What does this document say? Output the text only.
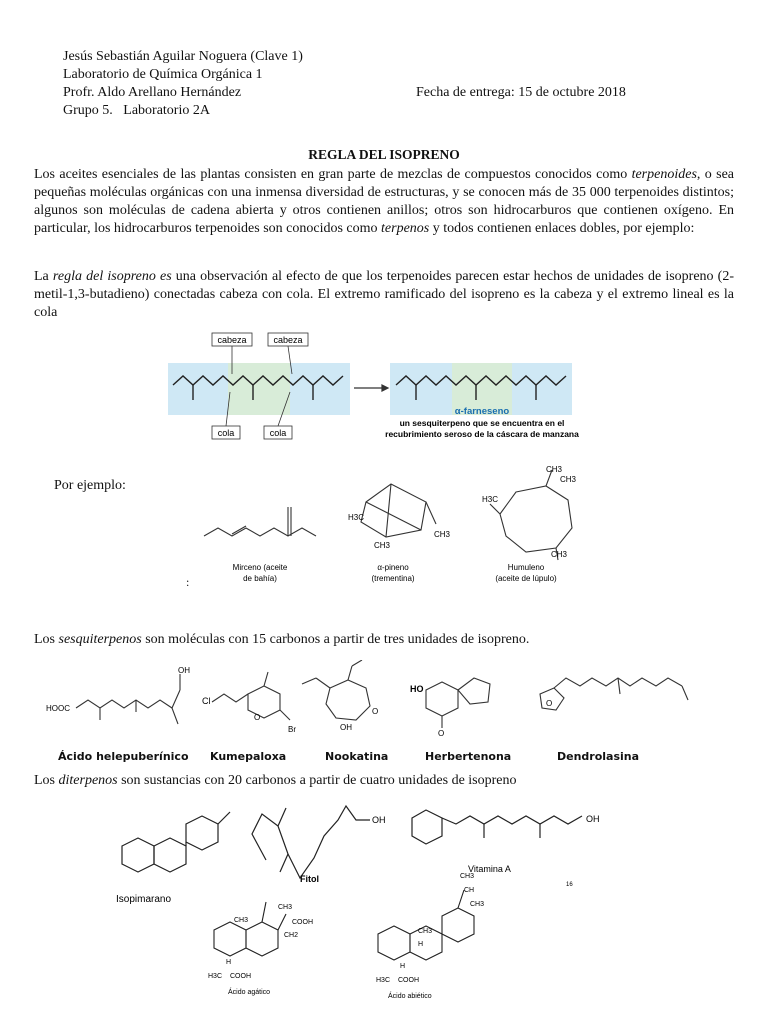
Jesús Sebastián Aguilar Noguera (Clave 1)
Laboratorio de Química Orgánica 1
Profr. Aldo Arellano Hernández	Fecha de entrega: 15 de octubre 2018
Grupo 5.   Laboratorio 2A
REGLA DEL ISOPRENO
Los aceites esenciales de las plantas consisten en gran parte de mezclas de compuestos conocidos como terpenoides, o sea pequeñas moléculas orgánicas con una inmensa diversidad de estructuras, y se conocen más de 35 000 terpenoides distintos; algunos son moléculas de cadena abierta y otros contienen anillos; otros son hidrocarburos que contienen oxígeno. En particular, los hidrocarburos terpenoides son conocidos como terpenos y todos contienen enlaces dobles, por ejemplo:
La regla del isopreno es una observación al efecto de que los terpenoides parecen estar hechos de unidades de isopreno (2-metil-1,3-butadieno) conectadas cabeza con cola. El extremo ramificado del isopreno es la cabeza y el extremo lineal es la cola
cabeza	cabeza
cola	cola
α-farneseno
un sesquiterpeno que se encuentra en el
recubrimiento seroso de la cáscara de manzana
Por ejemplo:
:
Mirceno (aceite
de bahía)
H3C
CH3
CH3
α-pineno
(trementina)
CH3
CH3
H3C
CH3
Humuleno
(aceite de lúpulo)
Los sesquiterpenos son moléculas con 15 carbonos a partir de tres unidades de isopreno.
HOOC
OH
Cl
O
Br
O
OH
HO
O
O
Ácido helepuberínico Kumepaloxa	Nookatina	Herbertenona	Dendrolasina
Los diterpenos son sustancias con 20 carbonos a partir de cuatro unidades de isopreno
Isopimarano
OH
Fitol
OH
Vitamina A
16
CH3
CH3
COOH
CH2
H
H3C COOH
Ácido agático
CH3
CH
CH3
CH3
H
H
H3C COOH
Ácido abiético
